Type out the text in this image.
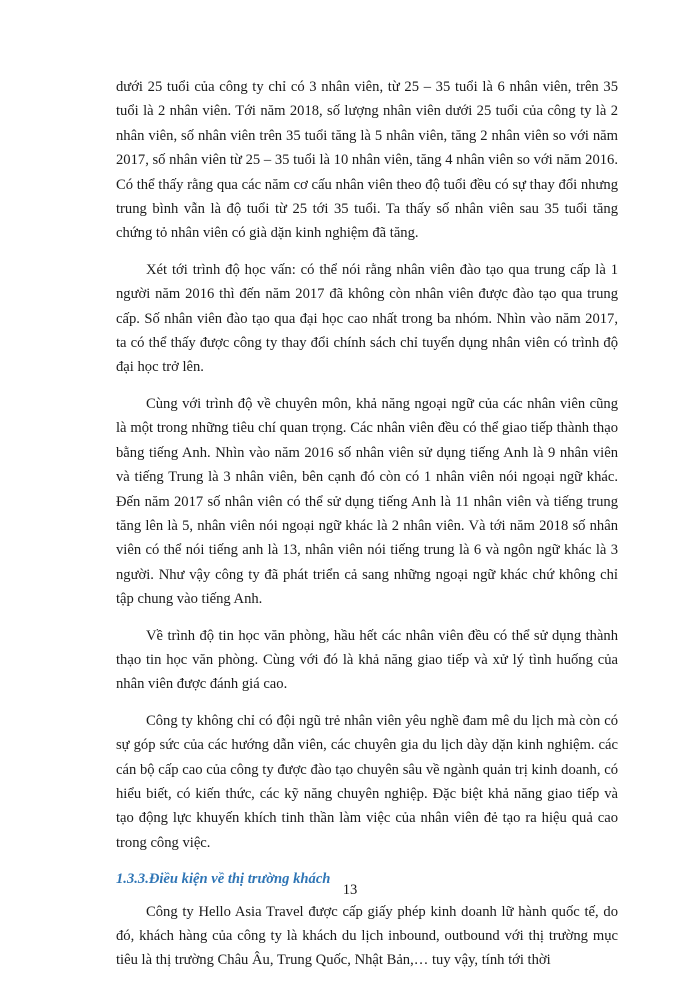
dưới 25 tuổi của công ty chỉ có 3 nhân viên, từ 25 – 35 tuổi là 6 nhân viên, trên 35 tuổi là 2 nhân viên. Tới năm 2018, số lượng nhân viên dưới 25 tuổi của công ty là 2 nhân viên, số nhân viên trên 35 tuổi tăng là 5 nhân viên, tăng 2 nhân viên so với năm 2017, số nhân viên từ 25 – 35 tuổi là 10 nhân viên, tăng 4 nhân viên so với năm 2016. Có thể thấy rằng qua các năm cơ cấu nhân viên theo độ tuổi đều có sự thay đổi nhưng trung bình vẫn là độ tuổi từ 25 tới 35 tuổi. Ta thấy số nhân viên sau 35 tuổi tăng chứng tỏ nhân viên có già dặn kinh nghiệm đã tăng.

Xét tới trình độ học vấn: có thể nói rằng nhân viên đào tạo qua trung cấp là 1 người năm 2016 thì đến năm 2017 đã không còn nhân viên được đào tạo qua trung cấp. Số nhân viên đào tạo qua đại học cao nhất trong ba nhóm. Nhìn vào năm 2017, ta có thể thấy được công ty thay đổi chính sách chỉ tuyển dụng nhân viên có trình độ đại học trở lên.

Cùng với trình độ về chuyên môn, khả năng ngoại ngữ của các nhân viên cũng là một trong những tiêu chí quan trọng. Các nhân viên đều có thể giao tiếp thành thạo bằng tiếng Anh. Nhìn vào năm 2016 số nhân viên sử dụng tiếng Anh là 9 nhân viên và tiếng Trung là 3 nhân viên, bên cạnh đó còn có 1 nhân viên nói ngoại ngữ khác. Đến năm 2017 số nhân viên có thể sử dụng tiếng Anh là 11 nhân viên và tiếng trung tăng lên là 5, nhân viên nói ngoại ngữ khác là 2 nhân viên. Và tới năm 2018 số nhân viên có thể nói tiếng anh là 13, nhân viên nói tiếng trung là 6 và ngôn ngữ khác là 3 người. Như vậy công ty đã phát triển cả sang những ngoại ngữ khác chứ không chỉ tập chung vào tiếng Anh.

Về trình độ tin học văn phòng, hầu hết các nhân viên đều có thể sử dụng thành thạo tin học văn phòng. Cùng với đó là khả năng giao tiếp và xử lý tình huống của nhân viên được đánh giá cao.

Công ty không chỉ có đội ngũ trẻ nhân viên yêu nghề đam mê du lịch mà còn có sự góp sức của các hướng dẫn viên, các chuyên gia du lịch dày dặn kinh nghiệm. các cán bộ cấp cao của công ty được đào tạo chuyên sâu về ngành quản trị kinh doanh, có hiểu biết, có kiến thức, các kỹ năng chuyên nghiệp. Đặc biệt khả năng giao tiếp và tạo động lực khuyến khích tinh thần làm việc của nhân viên đẻ tạo ra hiệu quả cao trong công việc.

1.3.3.Điều kiện về thị trường khách

Công ty Hello Asia Travel được cấp giấy phép kinh doanh lữ hành quốc tế, do đó, khách hàng của công ty là khách du lịch inbound, outbound với thị trường mục tiêu là thị trường Châu Âu, Trung Quốc, Nhật Bản,… tuy vậy, tính tới thời

13
